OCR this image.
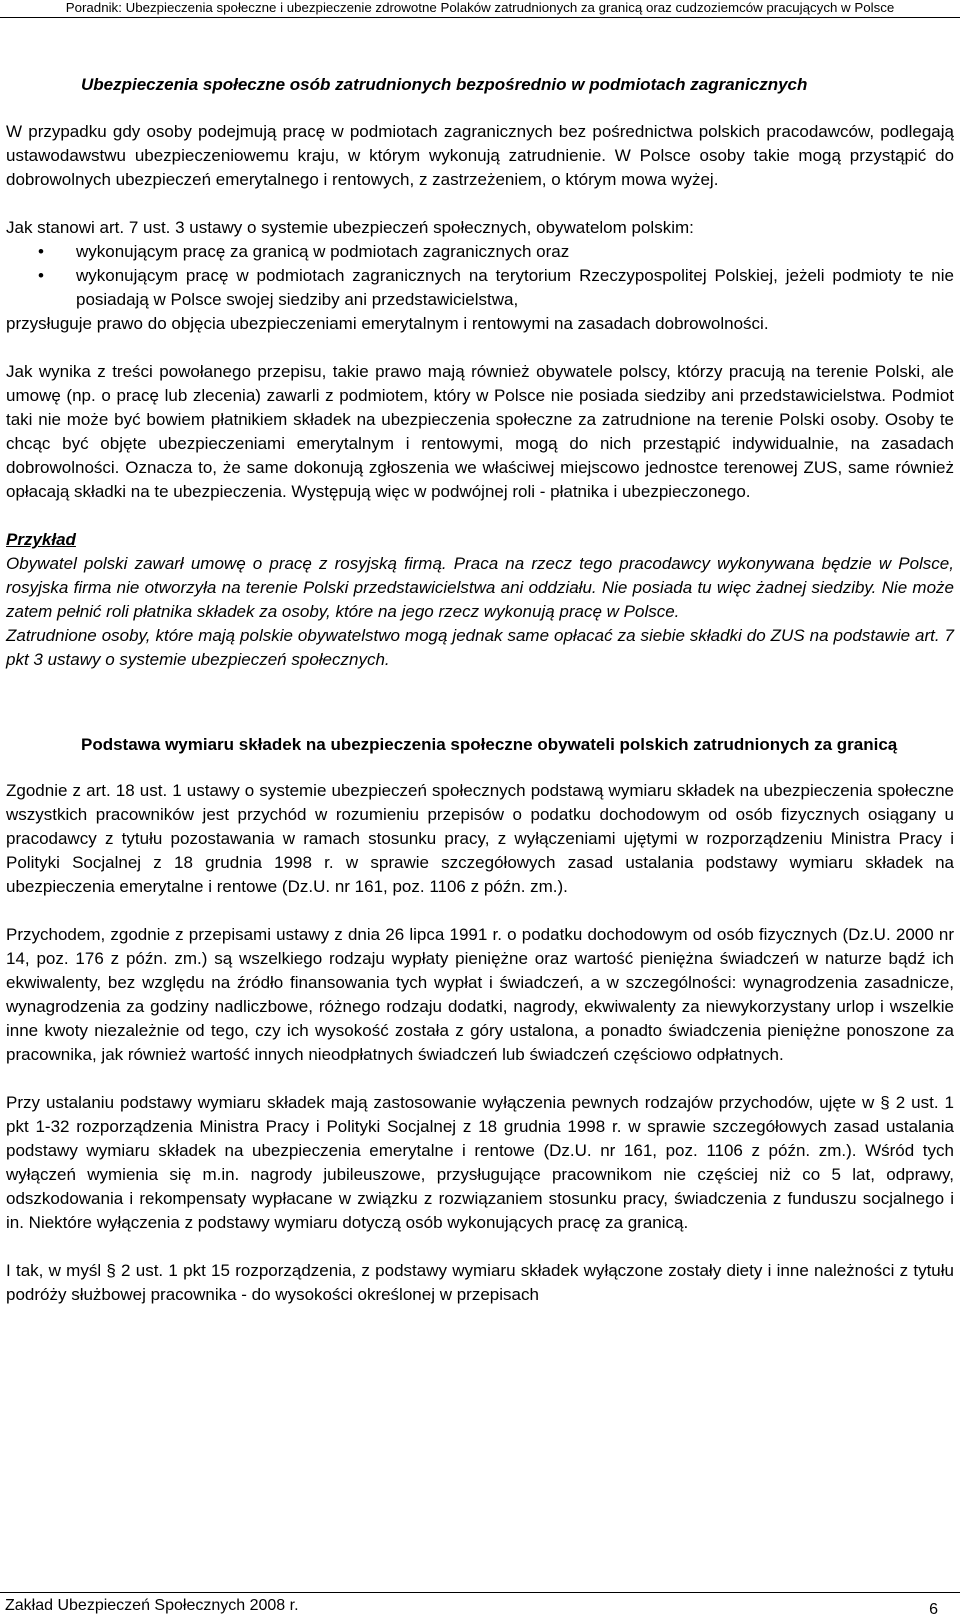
Poradnik: Ubezpieczenia społeczne i ubezpieczenie zdrowotne Polaków zatrudnionych za granicą oraz cudzoziemców pracujących w Polsce
Ubezpieczenia społeczne osób zatrudnionych bezpośrednio w podmiotach zagranicznych

W przypadku gdy osoby podejmują pracę w podmiotach zagranicznych bez pośrednictwa polskich pracodawców, podlegają ustawodawstwu ubezpieczeniowemu kraju, w którym wykonują zatrudnienie. W Polsce osoby takie mogą przystąpić do dobrowolnych ubezpieczeń emerytalnego i rentowych, z zastrzeżeniem, o którym mowa wyżej.

Jak stanowi art. 7 ust. 3 ustawy o systemie ubezpieczeń społecznych, obywatelom polskim:

•	wykonującym pracę za granicą w podmiotach zagranicznych oraz
•	wykonującym pracę w podmiotach zagranicznych na terytorium Rzeczypospolitej Polskiej, jeżeli podmioty te nie posiadają w Polsce swojej siedziby ani przedstawicielstwa,

przysługuje prawo do objęcia ubezpieczeniami emerytalnym i rentowymi na zasadach dobrowolności.

Jak wynika z treści powołanego przepisu, takie prawo mają również obywatele polscy, którzy pracują na terenie Polski, ale umowę (np. o pracę lub zlecenia) zawarli z podmiotem, który w Polsce nie posiada siedziby ani przedstawicielstwa. Podmiot taki nie może być bowiem płatnikiem składek na ubezpieczenia społeczne za zatrudnione na terenie Polski osoby. Osoby te chcąc być objęte ubezpieczeniami emerytalnym i rentowymi, mogą do nich przestąpić indywidualnie, na zasadach dobrowolności. Oznacza to, że same dokonują zgłoszenia we właściwej miejscowo jednostce terenowej ZUS, same również opłacają składki na te ubezpieczenia. Występują więc w podwójnej roli - płatnika i ubezpieczonego.

Przykład

Obywatel polski zawarł umowę o pracę z rosyjską firmą. Praca na rzecz tego pracodawcy wykonywana będzie w Polsce, rosyjska firma nie otworzyła na terenie Polski przedstawicielstwa ani oddziału. Nie posiada tu więc żadnej siedziby. Nie może zatem pełnić roli płatnika składek za osoby, które na jego rzecz wykonują pracę w Polsce.

Zatrudnione osoby, które mają polskie obywatelstwo mogą jednak same opłacać za siebie składki do ZUS na podstawie art. 7 pkt 3 ustawy o systemie ubezpieczeń społecznych.

Podstawa wymiaru składek na ubezpieczenia społeczne obywateli polskich zatrudnionych za granicą

Zgodnie z art. 18 ust. 1 ustawy o systemie ubezpieczeń społecznych podstawą wymiaru składek na ubezpieczenia społeczne wszystkich pracowników jest przychód w rozumieniu przepisów o podatku dochodowym od osób fizycznych osiągany u pracodawcy z tytułu pozostawania w ramach stosunku pracy, z wyłączeniami ujętymi w rozporządzeniu Ministra Pracy i Polityki Socjalnej z 18 grudnia 1998 r. w sprawie szczegółowych zasad ustalania podstawy wymiaru składek na ubezpieczenia emerytalne i rentowe (Dz.U. nr 161, poz. 1106 z późn. zm.).

Przychodem, zgodnie z przepisami ustawy z dnia 26 lipca 1991 r. o podatku dochodowym od osób fizycznych (Dz.U. 2000 nr 14, poz. 176 z późn. zm.) są wszelkiego rodzaju wypłaty pieniężne oraz wartość pieniężna świadczeń w naturze bądź ich ekwiwalenty, bez względu na źródło finansowania tych wypłat i świadczeń, a w szczególności: wynagrodzenia zasadnicze, wynagrodzenia za godziny nadliczbowe, różnego rodzaju dodatki, nagrody, ekwiwalenty za niewykorzystany urlop i wszelkie inne kwoty niezależnie od tego, czy ich wysokość została z góry ustalona, a ponadto świadczenia pieniężne ponoszone za pracownika, jak również wartość innych nieodpłatnych świadczeń lub świadczeń częściowo odpłatnych.

Przy ustalaniu podstawy wymiaru składek mają zastosowanie wyłączenia pewnych rodzajów przychodów, ujęte w § 2 ust. 1 pkt 1-32 rozporządzenia Ministra Pracy i Polityki Socjalnej z 18 grudnia 1998 r. w sprawie szczegółowych zasad ustalania podstawy wymiaru składek na ubezpieczenia emerytalne i rentowe (Dz.U. nr 161, poz. 1106 z późn. zm.). Wśród tych wyłączeń wymienia się m.in. nagrody jubileuszowe, przysługujące pracownikom nie częściej niż co 5 lat, odprawy, odszkodowania i rekompensaty wypłacane w związku z rozwiązaniem stosunku pracy, świadczenia z funduszu socjalnego i in. Niektóre wyłączenia z podstawy wymiaru dotyczą osób wykonujących pracę za granicą.

I tak, w myśl § 2 ust. 1 pkt 15 rozporządzenia, z podstawy wymiaru składek wyłączone zostały diety i inne należności z tytułu podróży służbowej pracownika - do wysokości określonej w przepisach

Zakład Ubezpieczeń Społecznych 2008 r.	6
